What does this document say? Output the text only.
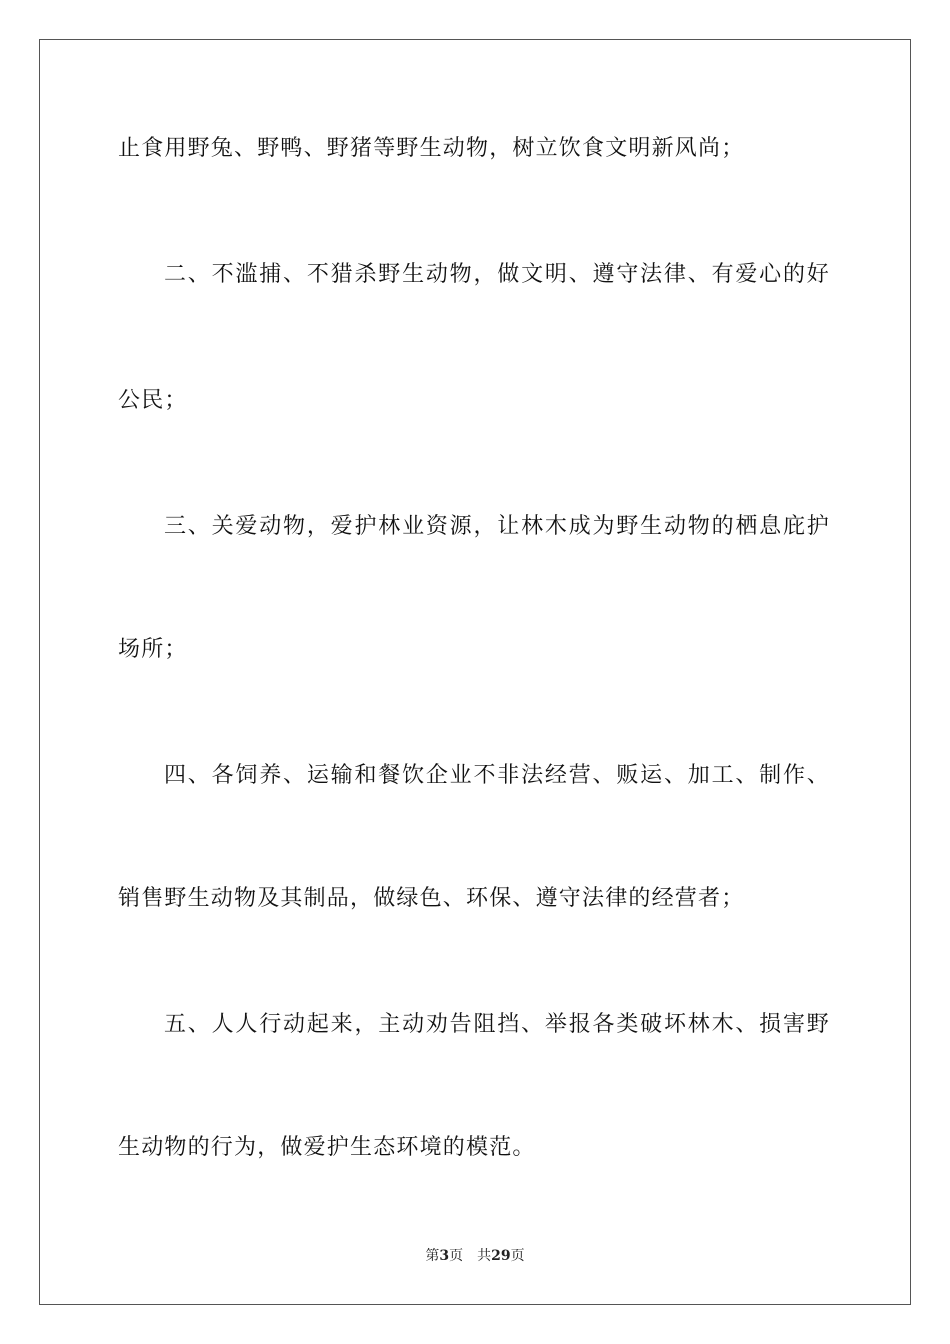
止食用野兔、野鸭、野猪等野生动物，树立饮食文明新风尚；
二、不滥捕、不猎杀野生动物，做文明、遵守法律、有爱心的好
公民；
三、关爱动物，爱护林业资源，让林木成为野生动物的栖息庇护
场所；
四、各饲养、运输和餐饮企业不非法经营、贩运、加工、制作、
销售野生动物及其制品，做绿色、环保、遵守法律的经营者；
五、人人行动起来，主动劝告阻挡、举报各类破坏林木、损害野
生动物的行为，做爱护生态环境的模范。
第3页　共29页
